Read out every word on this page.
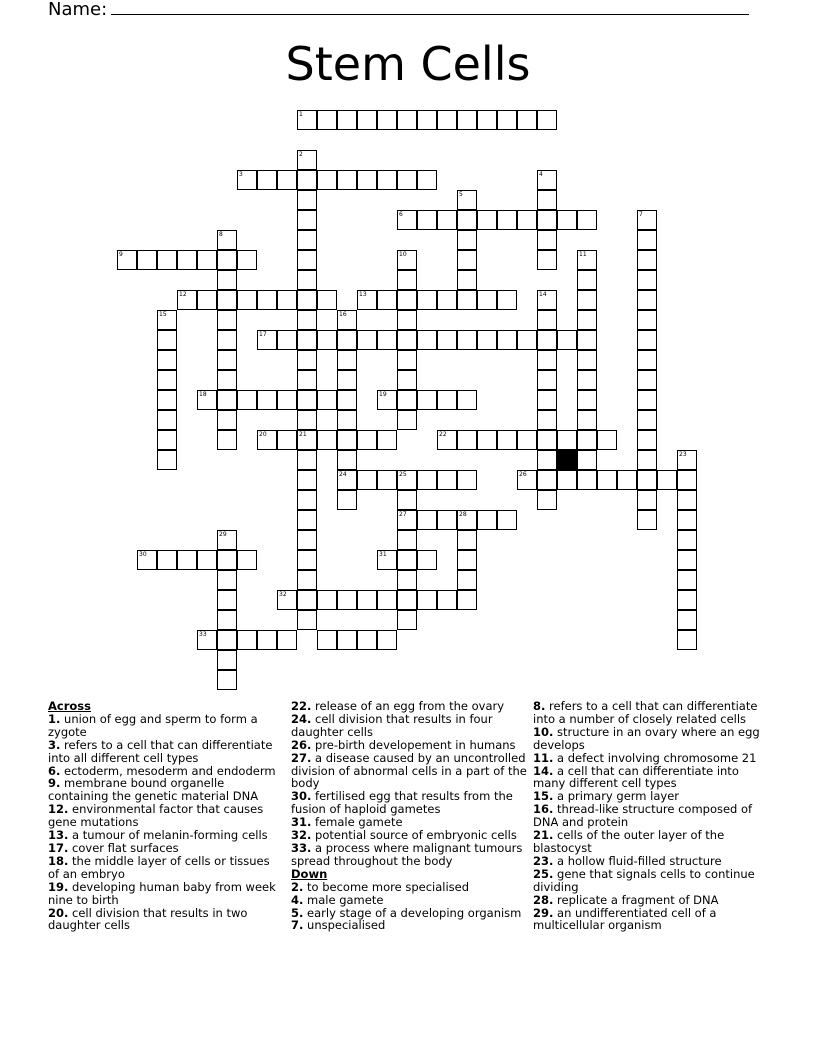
Name:
Stem Cells
1
2
21
3	4
5
6	7
8
9	10	11
12	13	14
15	16
24
17
18	19
20	22
23
25
27
26
28
29
30	31
32
33

Across

1. union of egg and sperm to form a zygote

3. refers to a cell that can differentiate into all different cell types

6. ectoderm, mesoderm and endoderm

9. membrane bound organelle containing the genetic material DNA

12. environmental factor that causes gene mutations

13. a tumour of melanin-forming cells

17. cover flat surfaces

18. the middle layer of cells or tissues of an embryo

19. developing human baby from week nine to birth

20. cell division that results in two daughter cells

22. release of an egg from the ovary

24. cell division that results in four daughter cells

26. pre-birth developement in humans

27. a disease caused by an uncontrolled division of abnormal cells in a part of the body

30. fertilised egg that results from the fusion of haploid gametes

31. female gamete

32. potential source of embryonic cells

33. a process where malignant tumours spread throughout the body

Down

2. to become more specialised

4. male gamete

5. early stage of a developing organism

7. unspecialised

8. refers to a cell that can differentiate into a number of closely related cells

10. structure in an ovary where an egg develops

11. a defect involving chromosome 21

14. a cell that can differentiate into many different cell types

15. a primary germ layer

16. thread-like structure composed of DNA and protein

21. cells of the outer layer of the blastocyst

23. a hollow fluid-filled structure

25. gene that signals cells to continue dividing

28. replicate a fragment of DNA

29. an undifferentiated cell of a multicellular organism
